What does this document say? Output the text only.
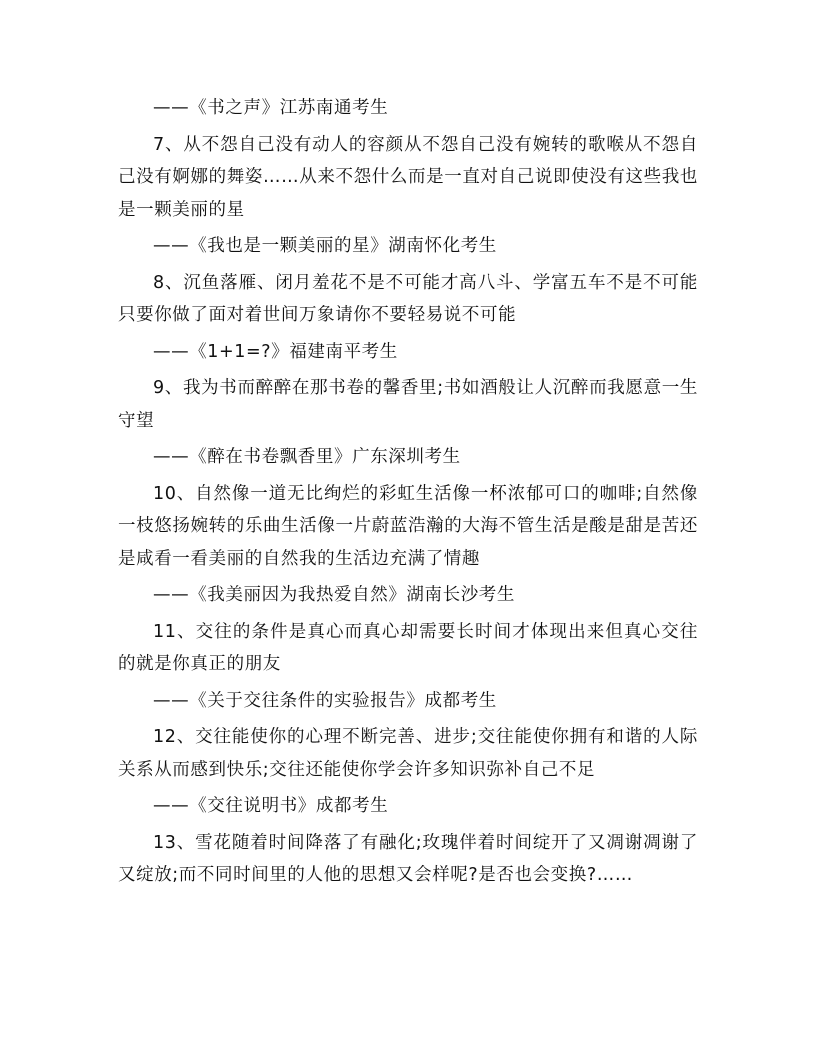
——《书之声》江苏南通考生

7、从不怨自己没有动人的容颜从不怨自己没有婉转的歌喉从不怨自己没有婀娜的舞姿……从来不怨什么而是一直对自己说即使没有这些我也是一颗美丽的星

——《我也是一颗美丽的星》湖南怀化考生

8、沉鱼落雁、闭月羞花不是不可能才高八斗、学富五车不是不可能只要你做了面对着世间万象请你不要轻易说不可能

——《1+1=?》福建南平考生

9、我为书而醉醉在那书卷的馨香里;书如酒般让人沉醉而我愿意一生守望

——《醉在书卷飘香里》广东深圳考生

10、自然像一道无比绚烂的彩虹生活像一杯浓郁可口的咖啡;自然像一枝悠扬婉转的乐曲生活像一片蔚蓝浩瀚的大海不管生活是酸是甜是苦还是咸看一看美丽的自然我的生活边充满了情趣

——《我美丽因为我热爱自然》湖南长沙考生

11、交往的条件是真心而真心却需要长时间才体现出来但真心交往的就是你真正的朋友

——《关于交往条件的实验报告》成都考生

12、交往能使你的心理不断完善、进步;交往能使你拥有和谐的人际关系从而感到快乐;交往还能使你学会许多知识弥补自己不足

——《交往说明书》成都考生

13、雪花随着时间降落了有融化;玫瑰伴着时间绽开了又凋谢凋谢了又绽放;而不同时间里的人他的思想又会样呢?是否也会变换?……
